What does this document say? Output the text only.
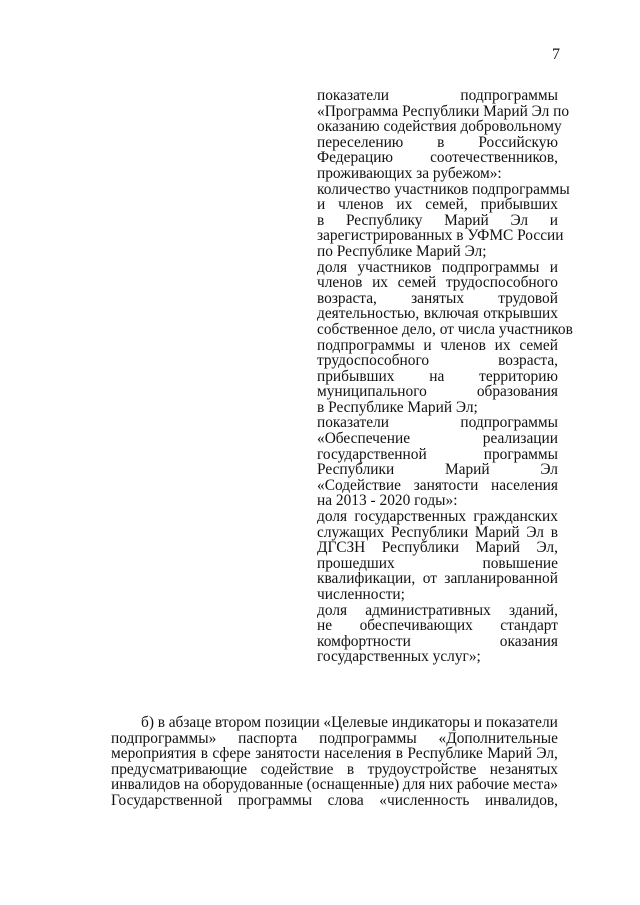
7
показатели	подпрограммы
«Программа Республики Марий Эл по
оказанию содействия добровольному
переселению в Российскую
Федерацию соотечественников,
проживающих за рубежом»:
количество участников подпрограммы
и членов их семей, прибывших
в Республику Марий Эл и
зарегистрированных в УФМС России
по Республике Марий Эл;
доля участников подпрограммы и
членов их семей трудоспособного
возраста, занятых трудовой
деятельностью, включая открывших
собственное дело, от числа участников
подпрограммы и членов их семей
трудоспособного	возраста,
прибывших на территорию
муниципального	образования
в Республике Марий Эл;
показатели	подпрограммы
«Обеспечение	реализации
государственной	программы
Республики	Марий	Эл
«Содействие занятости населения
на 2013 - 2020 годы»:
доля государственных гражданских
служащих Республики Марий Эл в
ДГСЗН Республики Марий Эл,
прошедших	повышение
квалификации, от запланированной
численности;
доля административных зданий,
не обеспечивающих стандарт
комфортности	оказания
государственных услуг»;
б) в абзаце втором позиции «Целевые индикаторы и показатели
подпрограммы» паспорта подпрограммы «Дополнительные
мероприятия в сфере занятости населения в Республике Марий Эл,
предусматривающие содействие в трудоустройстве незанятых
инвалидов на оборудованные (оснащенные) для них рабочие места»
Государственной программы слова «численность инвалидов,
